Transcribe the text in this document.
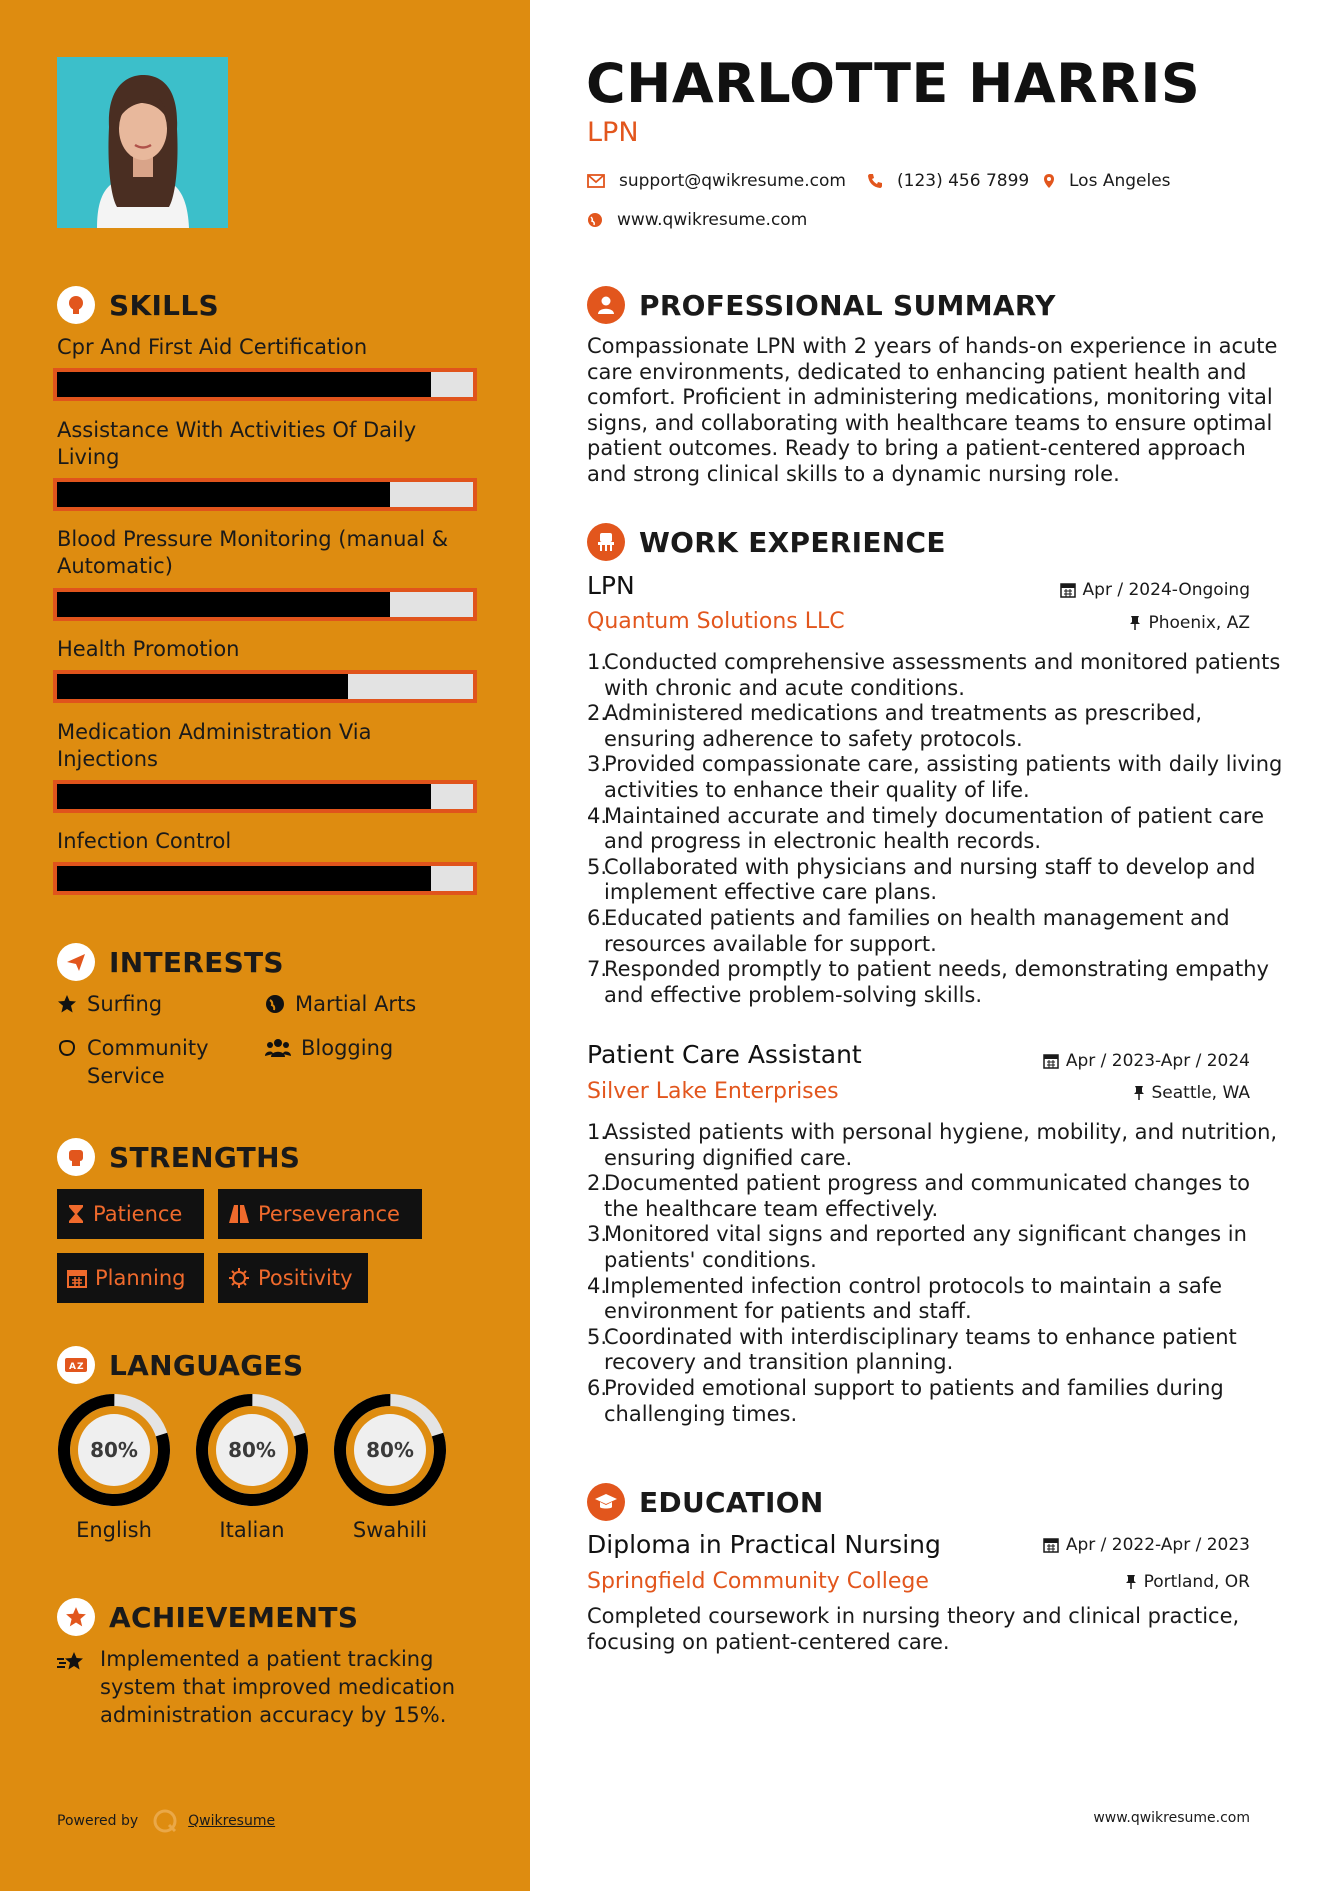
SKILLS
Cpr And First Aid Certification
Assistance With Activities Of Daily Living
Blood Pressure Monitoring (manual & Automatic)
Health Promotion
Medication Administration Via Injections
Infection Control
INTERESTS
Surfing	Martial Arts
Community Service
Blogging
STRENGTHS
Patience	Perseverance
Planning	Positivity
A Z LANGUAGES
80%
English
80%
Italian
80%
Swahili
ACHIEVEMENTS
Implemented a patient tracking system that improved medication administration accuracy by 15%.
Powered by	Qwikresume
CHARLOTTE HARRIS
LPN
support@qwikresume.com	(123) 456 7899 Los Angeles
www.qwikresume.com
PROFESSIONAL SUMMARY
Compassionate LPN with 2 years of hands-on experience in acute care environments, dedicated to enhancing patient health and comfort. Proficient in administering medications, monitoring vital signs, and collaborating with healthcare teams to ensure optimal patient outcomes. Ready to bring a patient-centered approach and strong clinical skills to a dynamic nursing role.
WORK EXPERIENCE
LPN	Apr / 2024-Ongoing
Quantum Solutions LLC	Phoenix, AZ
1.
Conducted comprehensive assessments and monitored patients with chronic and acute conditions.
2.
Administered medications and treatments as prescribed, ensuring adherence to safety protocols.
3.
Provided compassionate care, assisting patients with daily living activities to enhance their quality of life.
4.
Maintained accurate and timely documentation of patient care and progress in electronic health records.
5.
Collaborated with physicians and nursing staff to develop and implement effective care plans.
6.
Educated patients and families on health management and resources available for support.
7.
Responded promptly to patient needs, demonstrating empathy and effective problem-solving skills.
Patient Care Assistant	Apr / 2023-Apr / 2024
Silver Lake Enterprises	Seattle, WA
1.
Assisted patients with personal hygiene, mobility, and nutrition, ensuring dignified care.
2.
Documented patient progress and communicated changes to the healthcare team effectively.
3.
Monitored vital signs and reported any significant changes in patients' conditions.
4.
Implemented infection control protocols to maintain a safe environment for patients and staff.
5.
Coordinated with interdisciplinary teams to enhance patient recovery and transition planning.
6.
Provided emotional support to patients and families during challenging times.
EDUCATION
Diploma in Practical Nursing	Apr / 2022-Apr / 2023
Springfield Community College	Portland, OR
Completed coursework in nursing theory and clinical practice, focusing on patient-centered care.
www.qwikresume.com
